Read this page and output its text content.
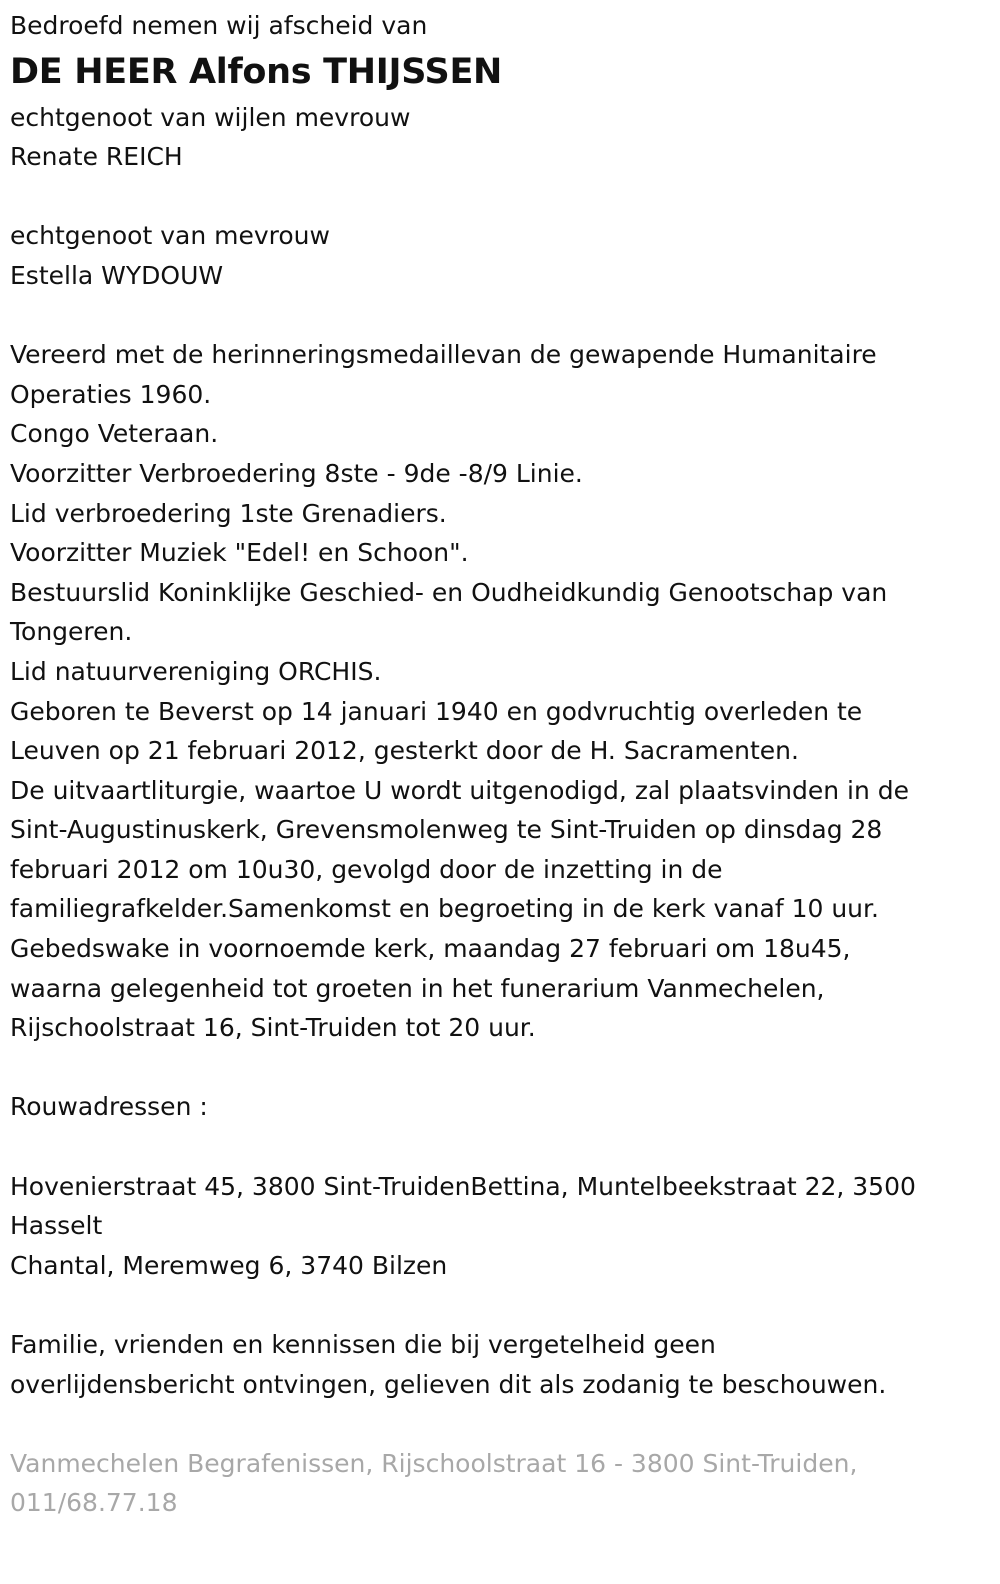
Bedroefd nemen wij afscheid van

DE HEER Alfons THIJSSEN

echtgenoot van wijlen mevrouw

Renate REICH

echtgenoot van mevrouw

Estella WYDOUW

Vereerd met de herinneringsmedaillevan de gewapende Humanitaire

Operaties 1960.

Congo Veteraan.

Voorzitter Verbroedering 8ste - 9de -8/9 Linie.

Lid verbroedering 1ste Grenadiers.

Voorzitter Muziek "Edel! en Schoon".

Bestuurslid Koninklijke Geschied- en Oudheidkundig Genootschap van

Tongeren.

Lid natuurvereniging ORCHIS.

Geboren te Beverst op 14 januari 1940 en godvruchtig overleden te

Leuven op 21 februari 2012, gesterkt door de H. Sacramenten.

De uitvaartliturgie, waartoe U wordt uitgenodigd, zal plaatsvinden in de

Sint-Augustinuskerk, Grevensmolenweg te Sint-Truiden op dinsdag 28

februari 2012 om 10u30, gevolgd door de inzetting in de

familiegrafkelder.Samenkomst en begroeting in de kerk vanaf 10 uur.

Gebedswake in voornoemde kerk, maandag 27 februari om 18u45,

waarna gelegenheid tot groeten in het funerarium Vanmechelen,

Rijschoolstraat 16, Sint-Truiden tot 20 uur.

Rouwadressen :

Hovenierstraat 45, 3800 Sint-TruidenBettina, Muntelbeekstraat 22, 3500

Hasselt

Chantal, Meremweg 6, 3740 Bilzen

Familie, vrienden en kennissen die bij vergetelheid geen

overlijdensbericht ontvingen, gelieven dit als zodanig te beschouwen.

Vanmechelen Begrafenissen, Rijschoolstraat 16 - 3800 Sint-Truiden,

011/68.77.18
